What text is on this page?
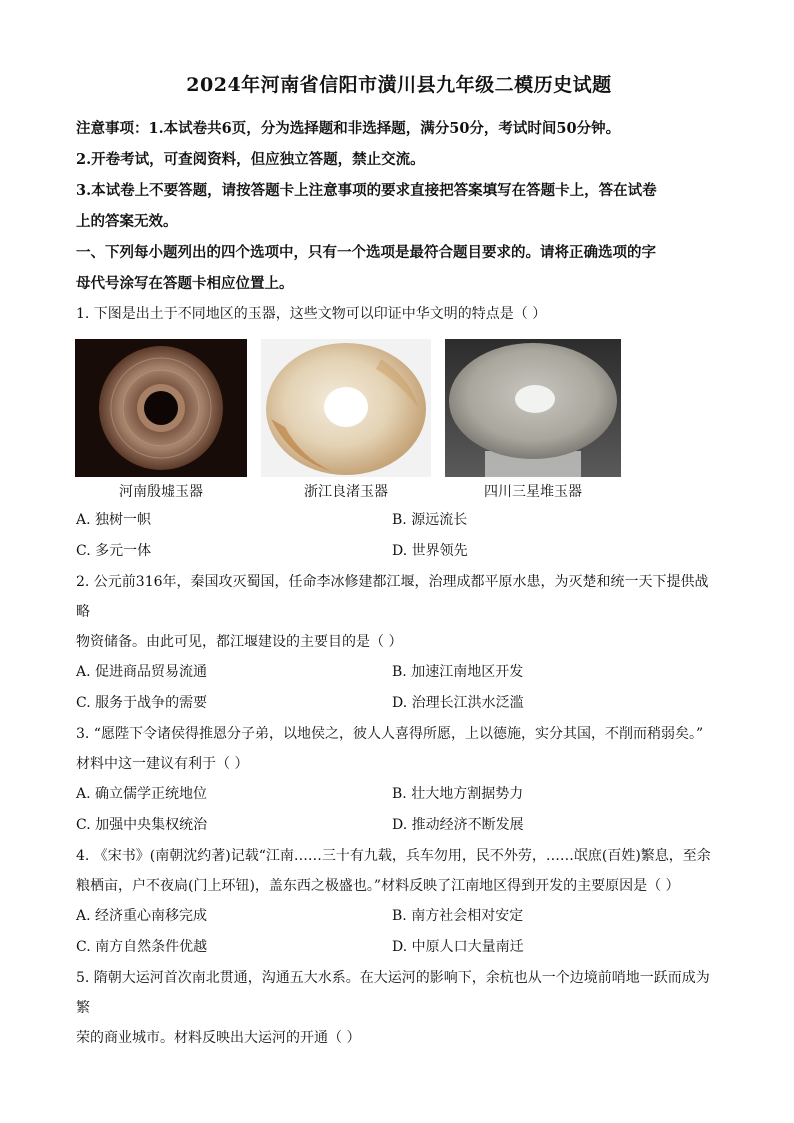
2024年河南省信阳市潢川县九年级二模历史试题

注意事项：1.本试卷共6页，分为选择题和非选择题，满分50分，考试时间50分钟。

2.开卷考试，可查阅资料，但应独立答题，禁止交流。

3.本试卷上不要答题，请按答题卡上注意事项的要求直接把答案填写在答题卡上，答在试卷

上的答案无效。

一、下列每小题列出的四个选项中，只有一个选项是最符合题目要求的。请将正确选项的字

母代号涂写在答题卡相应位置上。

1. 下图是出土于不同地区的玉器，这些文物可以印证中华文明的特点是（ ）

河南殷墟玉器	浙江良渚玉器	四川三星堆玉器
A. 独树一帜	B. 源远流长
C. 多元一体	D. 世界领先

2. 公元前316年，秦国攻灭蜀国，任命李冰修建都江堰，治理成都平原水患，为灭楚和统一天下提供战略

物资储备。由此可见，都江堰建设的主要目的是（ ）

A. 促进商品贸易流通	B. 加速江南地区开发
C. 服务于战争的需要	D. 治理长江洪水泛滥

3. “愿陛下令诸侯得推恩分子弟，以地侯之，彼人人喜得所愿，上以德施，实分其国，不削而稍弱矣。”

材料中这一建议有利于（ ）

A. 确立儒学正统地位	B. 壮大地方割据势力
C. 加强中央集权统治	D. 推动经济不断发展

4. 《宋书》(南朝沈约著)记载“江南……三十有九载，兵车勿用，民不外劳，……氓庶(百姓)繁息，至余

粮栖亩，户不夜扃(门上环钮)，盖东西之极盛也。”材料反映了江南地区得到开发的主要原因是（ ）

A. 经济重心南移完成	B. 南方社会相对安定
C. 南方自然条件优越	D. 中原人口大量南迁

5. 隋朝大运河首次南北贯通，沟通五大水系。在大运河的影响下，余杭也从一个边境前哨地一跃而成为繁

荣的商业城市。材料反映出大运河的开通（ ）
